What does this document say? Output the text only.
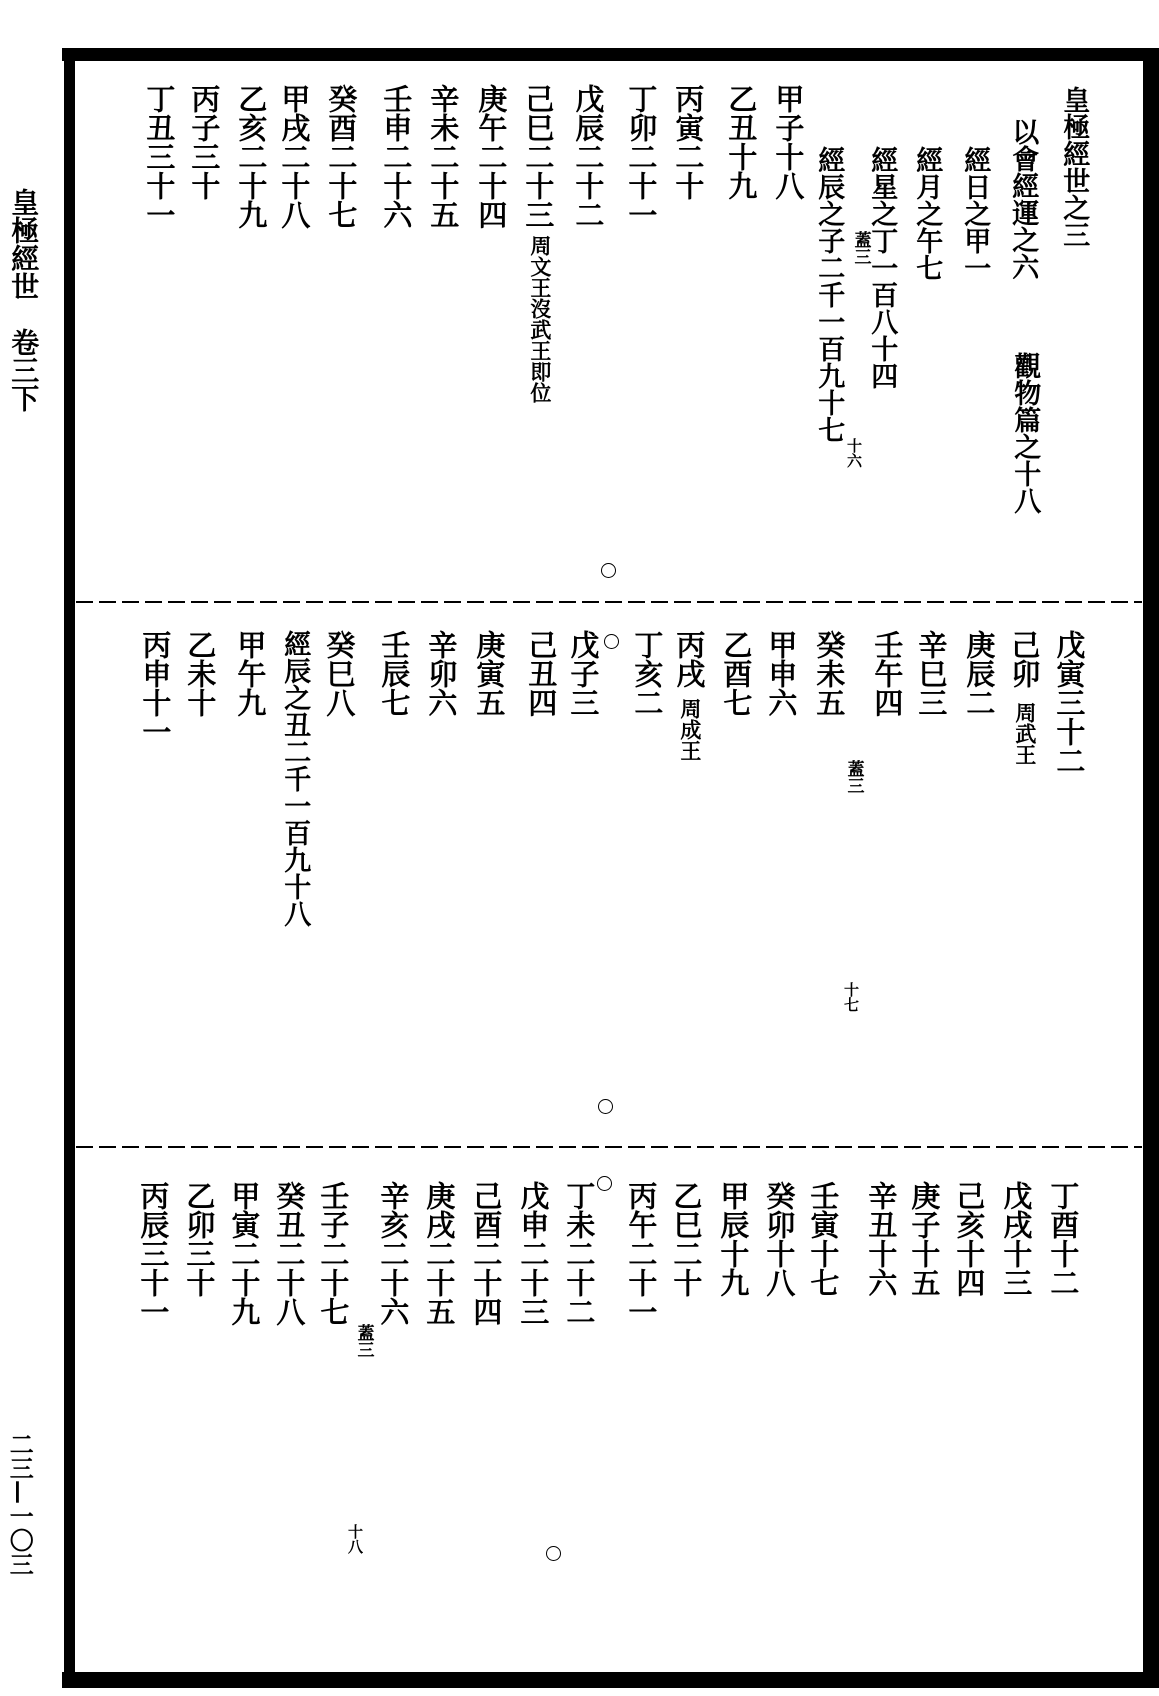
皇極經世　卷三下
二三—一〇三
皇極經世之三
以會經運之六
觀物篇之十八
經日之甲一
經月之午七
經星之丁一百八十四
經辰之子二千一百九十七 蓋三
十六
甲子十八
乙丑十九
丙寅二十
丁卯二十一
戊辰二十二
己巳二十三
周文王沒武王即位
庚午二十四
辛未二十五
壬申二十六
癸酉二十七
甲戌二十八
乙亥二十九
丙子三十
丁丑三十一
戊寅三十二
己卯
周武王
庚辰二
辛巳三
壬午四
蓋三
十七
癸未五
甲申六
乙酉七
丙戌
周成王
丁亥二
戊子三
己丑四
庚寅五
辛卯六
壬辰七
癸巳八
經辰之丑二千一百九十八
甲午九
乙未十
丙申十一
丁酉十二
戊戌十三
己亥十四
庚子十五
辛丑十六
壬寅十七
癸卯十八
甲辰十九
乙巳二十
丙午二十一
丁未二十二
戊申二十三
己酉二十四
庚戌二十五
辛亥二十六
壬子二十七
蓋三
十八
癸丑二十八
甲寅二十九
乙卯三十
丙辰三十一
